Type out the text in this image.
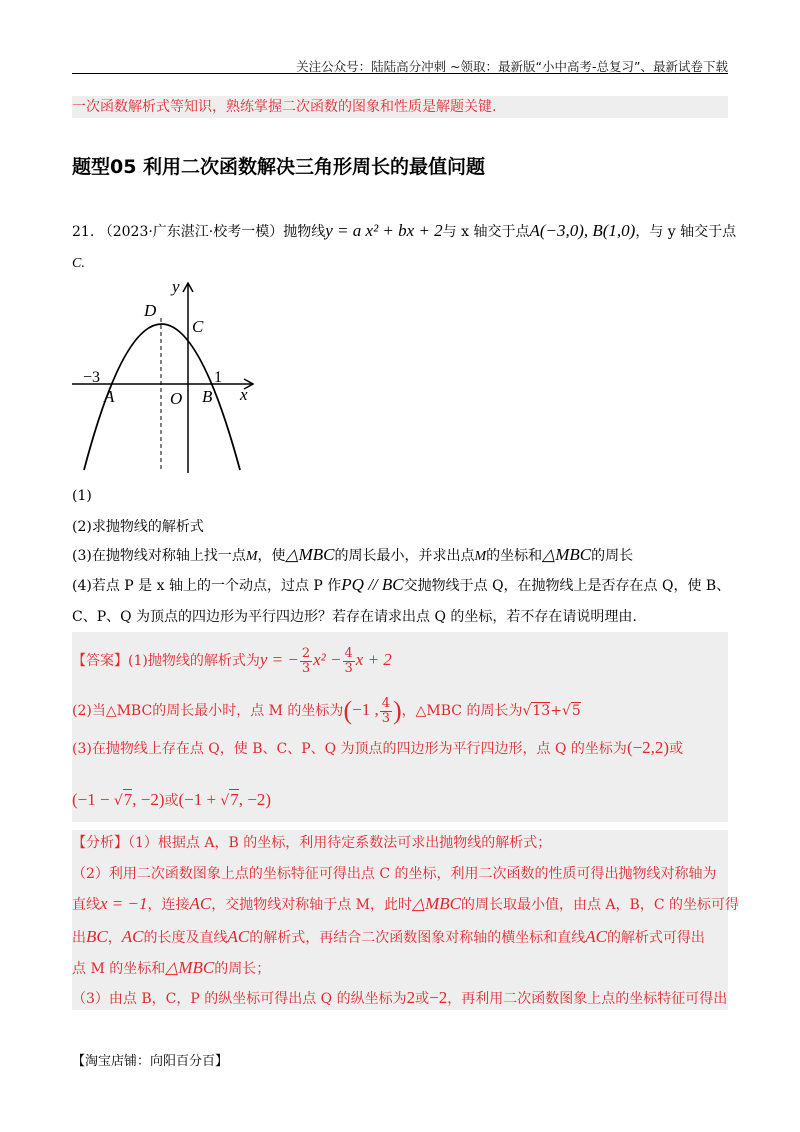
关注公众号：陆陆高分冲刺 ~领取：最新版“小中高考-总复习”、最新试卷下载
一次函数解析式等知识，熟练掌握二次函数的图象和性质是解题关键.
题型05 利用二次函数解决三角形周长的最值问题
21. （2023·广东湛江·校考一模）抛物线y = a x² + bx + 2与 x 轴交于点A(−3,0), B(1,0)，与 y 轴交于点
C.
y
D
C
−3	1
x
A	O B
(1)
(2)求抛物线的解析式
(3)在抛物线对称轴上找一点M，使△MBC的周长最小，并求出点M的坐标和△MBC的周长
(4)若点 P 是 x 轴上的一个动点，过点 P 作PQ // BC交抛物线于点 Q，在抛物线上是否存在点 Q，使 B、
C、P、Q 为顶点的四边形为平行四边形？若存在请求出点 Q 的坐标，若不存在请说明理由.
【答案】(1)抛物线的解析式为y = − $\frac{2}{3} x^2 - \frac{4}{3}$ x + 2
(2)当△MBC的周长最小时，点 M 的坐标为(−1 , $\frac{4}{3}$ )，△MBC 的周长为√13+√5
(3)在抛物线上存在点 Q，使 B、C、P、Q 为顶点的四边形为平行四边形，点 Q 的坐标为(−2,2)或
(−1 − √7, −2)或(−1 + √7, −2)
【分析】（1）根据点 A，B 的坐标，利用待定系数法可求出抛物线的解析式；
（2）利用二次函数图象上点的坐标特征可得出点 C 的坐标，利用二次函数的性质可得出抛物线对称轴为
直线x = −1，连接AC，交抛物线对称轴于点 M，此时△MBC的周长取最小值，由点 A，B，C 的坐标可得
出BC，AC的长度及直线AC的解析式，再结合二次函数图象对称轴的横坐标和直线AC的解析式可得出
点 M 的坐标和△MBC的周长；
（3）由点 B，C，P 的纵坐标可得出点 Q 的纵坐标为2或−2，再利用二次函数图象上点的坐标特征可得出
【淘宝店铺：向阳百分百】
